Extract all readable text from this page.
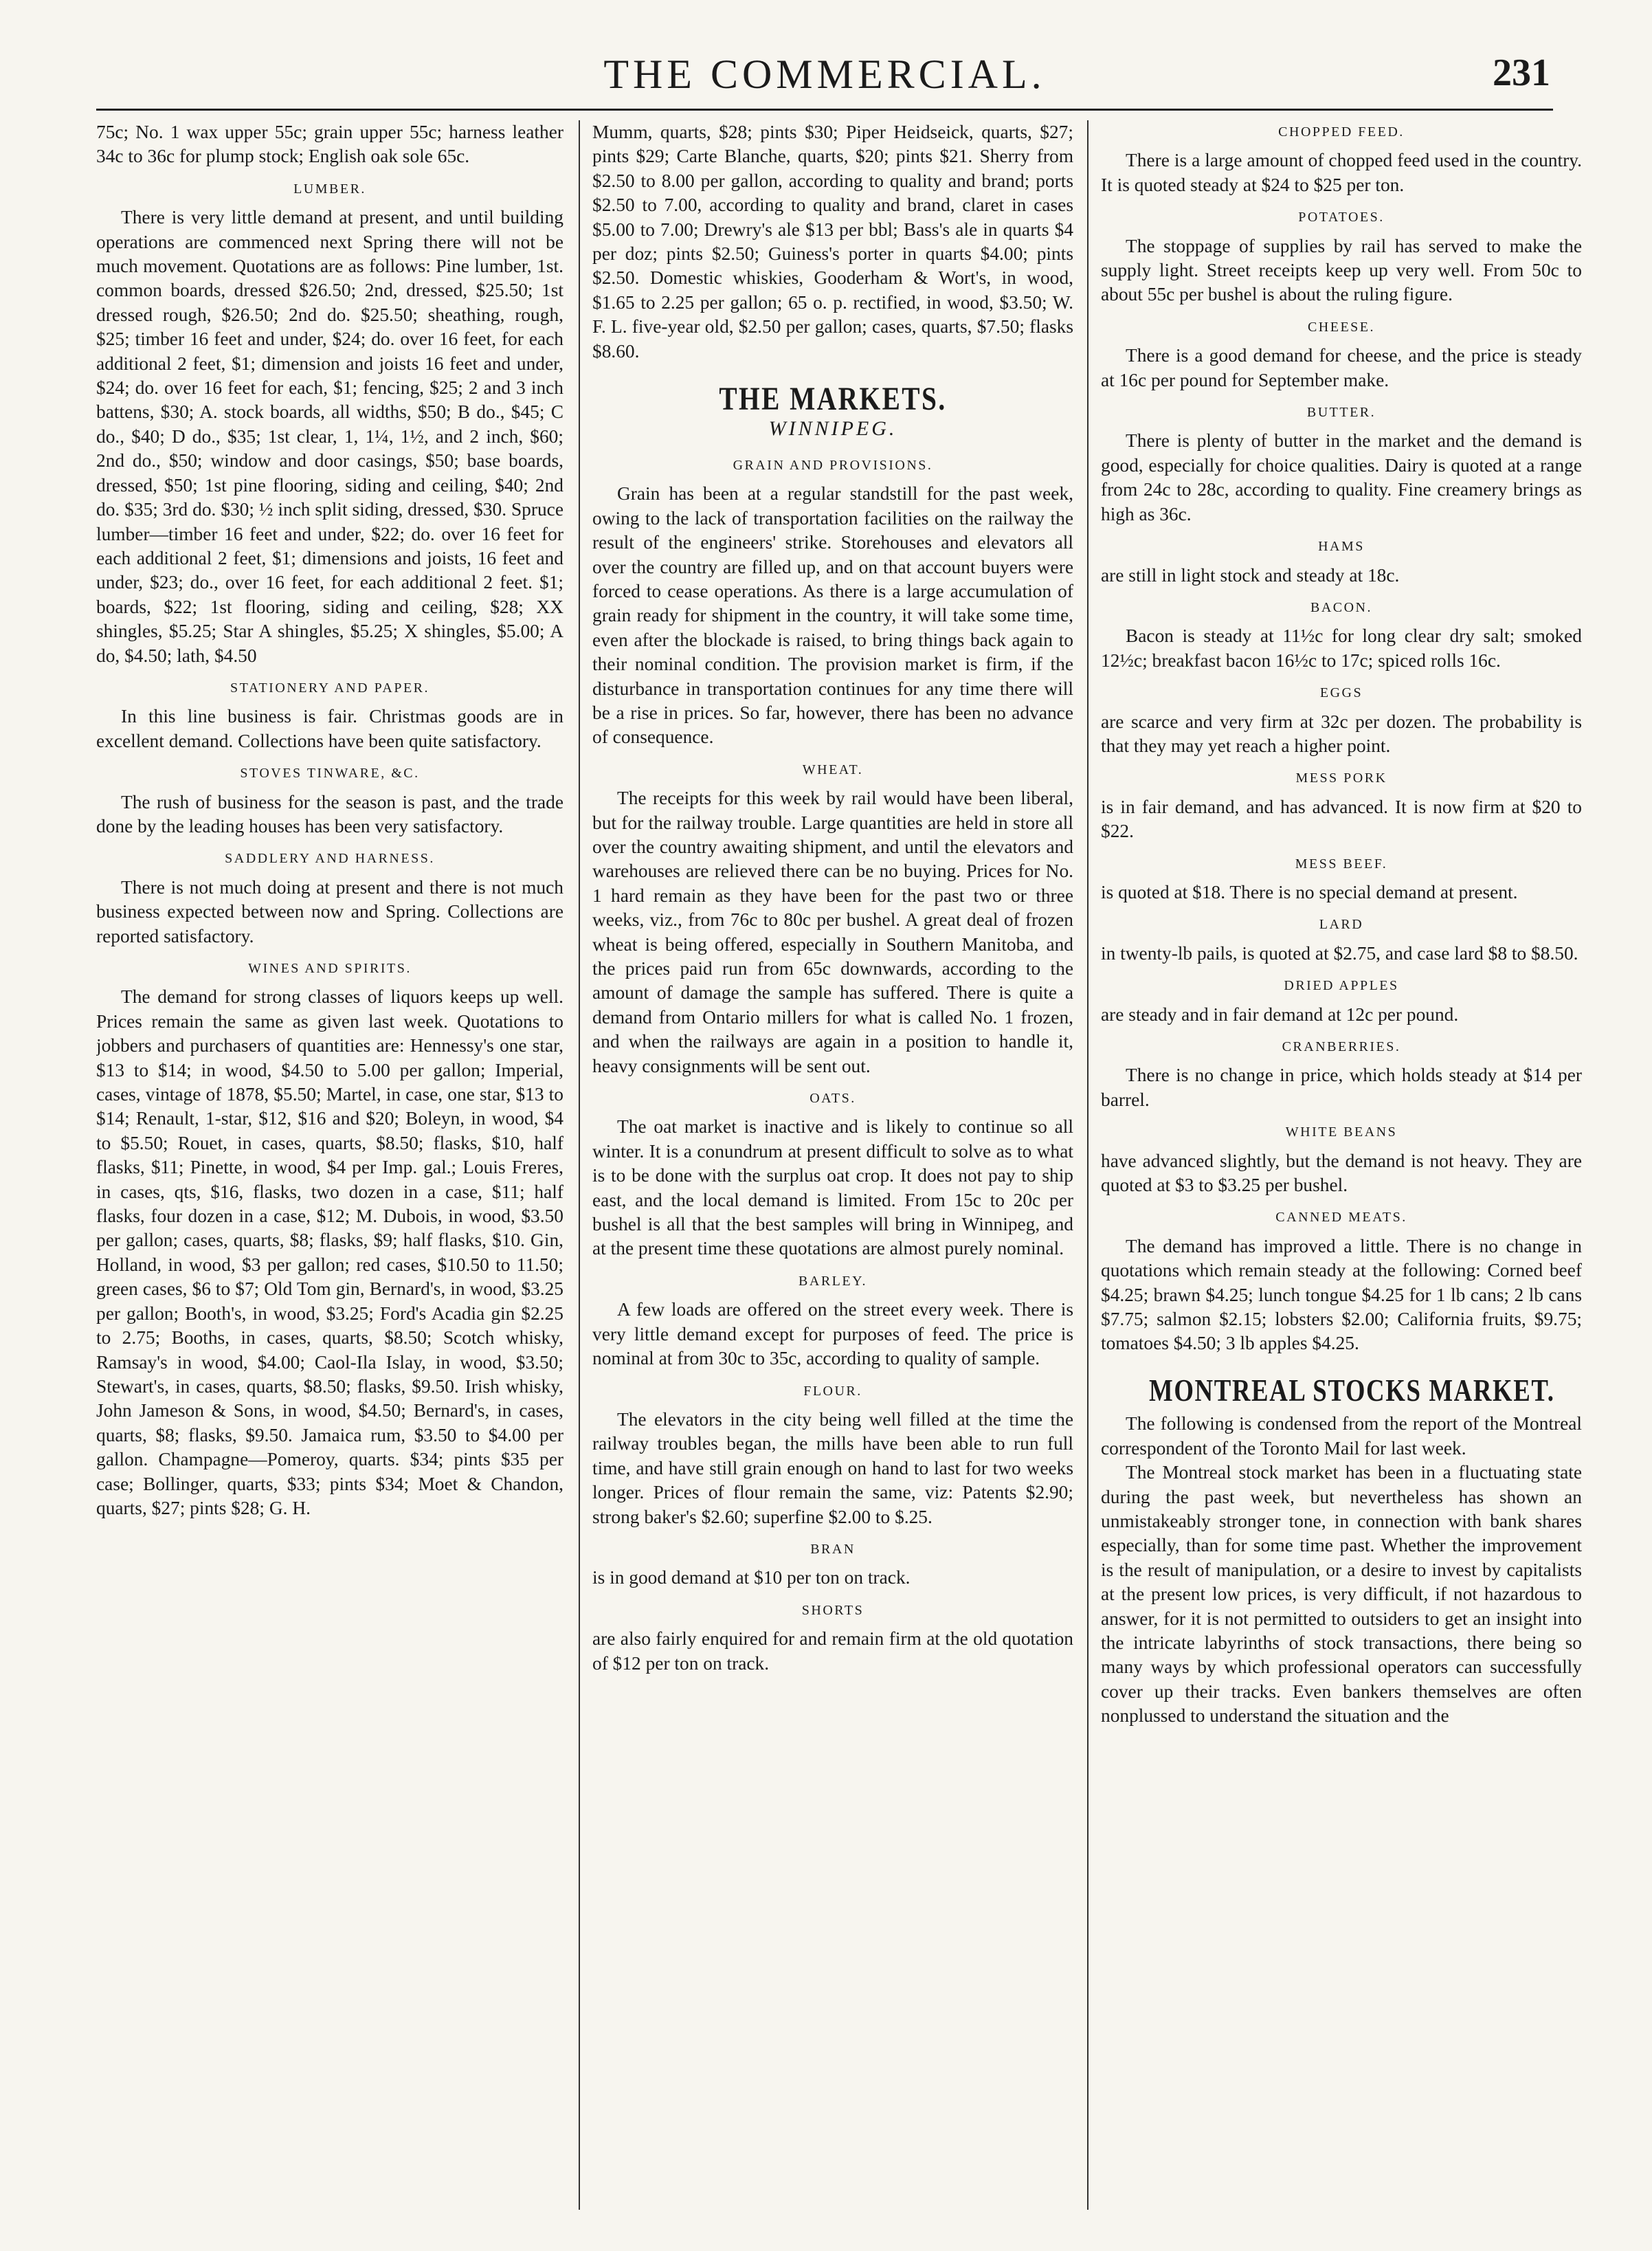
THE COMMERCIAL.	231

75c; No. 1 wax upper 55c; grain upper 55c; harness leather 34c to 36c for plump stock; English oak sole 65c.

LUMBER.

There is very little demand at present, and until building operations are commenced next Spring there will not be much movement. Quotations are as follows: Pine lumber, 1st. common boards, dressed $26.50; 2nd, dressed, $25.50; 1st dressed rough, $26.50; 2nd do. $25.50; sheathing, rough, $25; timber 16 feet and under, $24; do. over 16 feet, for each additional 2 feet, $1; dimension and joists 16 feet and under, $24; do. over 16 feet for each, $1; fencing, $25; 2 and 3 inch battens, $30; A. stock boards, all widths, $50; B do., $45; C do., $40; D do., $35; 1st clear, 1, 1¼, 1½, and 2 inch, $60; 2nd do., $50; window and door casings, $50; base boards, dressed, $50; 1st pine flooring, siding and ceiling, $40; 2nd do. $35; 3rd do. $30; ½ inch split siding, dressed, $30. Spruce lumber—timber 16 feet and under, $22; do. over 16 feet for each additional 2 feet, $1; dimensions and joists, 16 feet and under, $23; do., over 16 feet, for each additional 2 feet. $1; boards, $22; 1st flooring, siding and ceiling, $28; XX shingles, $5.25; Star A shingles, $5.25; X shingles, $5.00; A do, $4.50; lath, $4.50

STATIONERY AND PAPER.

In this line business is fair. Christmas goods are in excellent demand. Collections have been quite satisfactory.

STOVES TINWARE, &C.

The rush of business for the season is past, and the trade done by the leading houses has been very satisfactory.

SADDLERY AND HARNESS.

There is not much doing at present and there is not much business expected between now and Spring. Collections are reported satisfactory.

WINES AND SPIRITS.

The demand for strong classes of liquors keeps up well. Prices remain the same as given last week. Quotations to jobbers and purchasers of quantities are: Hennessy's one star, $13 to $14; in wood, $4.50 to 5.00 per gallon; Imperial, cases, vintage of 1878, $5.50; Martel, in case, one star, $13 to $14; Renault, 1-star, $12, $16 and $20; Boleyn, in wood, $4 to $5.50; Rouet, in cases, quarts, $8.50; flasks, $10, half flasks, $11; Pinette, in wood, $4 per Imp. gal.; Louis Freres, in cases, qts, $16, flasks, two dozen in a case, $11; half flasks, four dozen in a case, $12; M. Dubois, in wood, $3.50 per gallon; cases, quarts, $8; flasks, $9; half flasks, $10. Gin, Holland, in wood, $3 per gallon; red cases, $10.50 to 11.50; green cases, $6 to $7; Old Tom gin, Bernard's, in wood, $3.25 per gallon; Booth's, in wood, $3.25; Ford's Acadia gin $2.25 to 2.75; Booths, in cases, quarts, $8.50; Scotch whisky, Ramsay's in wood, $4.00; Caol-Ila Islay, in wood, $3.50; Stewart's, in cases, quarts, $8.50; flasks, $9.50. Irish whisky, John Jameson & Sons, in wood, $4.50; Bernard's, in cases, quarts, $8; flasks, $9.50. Jamaica rum, $3.50 to $4.00 per gallon. Champagne—Pomeroy, quarts. $34; pints $35 per case; Bollinger, quarts, $33; pints $34; Moet & Chandon, quarts, $27; pints $28; G. H.

Mumm, quarts, $28; pints $30; Piper Heidseick, quarts, $27; pints $29; Carte Blanche, quarts, $20; pints $21. Sherry from $2.50 to 8.00 per gallon, according to quality and brand; ports $2.50 to 7.00, according to quality and brand, claret in cases $5.00 to 7.00; Drewry's ale $13 per bbl; Bass's ale in quarts $4 per doz; pints $2.50; Guiness's porter in quarts $4.00; pints $2.50. Domestic whiskies, Gooderham & Wort's, in wood, $1.65 to 2.25 per gallon; 65 o. p. rectified, in wood, $3.50; W. F. L. five-year old, $2.50 per gallon; cases, quarts, $7.50; flasks $8.60.

THE MARKETS.
WINNIPEG.
GRAIN AND PROVISIONS.

Grain has been at a regular standstill for the past week, owing to the lack of transportation facilities on the railway the result of the engineers' strike. Storehouses and elevators all over the country are filled up, and on that account buyers were forced to cease operations. As there is a large accumulation of grain ready for shipment in the country, it will take some time, even after the blockade is raised, to bring things back again to their nominal condition. The provision market is firm, if the disturbance in transportation continues for any time there will be a rise in prices. So far, however, there has been no advance of consequence.

WHEAT.

The receipts for this week by rail would have been liberal, but for the railway trouble. Large quantities are held in store all over the country awaiting shipment, and until the elevators and warehouses are relieved there can be no buying. Prices for No. 1 hard remain as they have been for the past two or three weeks, viz., from 76c to 80c per bushel. A great deal of frozen wheat is being offered, especially in Southern Manitoba, and the prices paid run from 65c downwards, according to the amount of damage the sample has suffered. There is quite a demand from Ontario millers for what is called No. 1 frozen, and when the railways are again in a position to handle it, heavy consignments will be sent out.

OATS.

The oat market is inactive and is likely to continue so all winter. It is a conundrum at present difficult to solve as to what is to be done with the surplus oat crop. It does not pay to ship east, and the local demand is limited. From 15c to 20c per bushel is all that the best samples will bring in Winnipeg, and at the present time these quotations are almost purely nominal.

BARLEY.

A few loads are offered on the street every week. There is very little demand except for purposes of feed. The price is nominal at from 30c to 35c, according to quality of sample.

FLOUR.

The elevators in the city being well filled at the time the railway troubles began, the mills have been able to run full time, and have still grain enough on hand to last for two weeks longer. Prices of flour remain the same, viz: Patents $2.90; strong baker's $2.60; superfine $2.00 to $.25.

BRAN

is in good demand at $10 per ton on track.

SHORTS

are also fairly enquired for and remain firm at the old quotation of $12 per ton on track.

CHOPPED FEED.

There is a large amount of chopped feed used in the country. It is quoted steady at $24 to $25 per ton.

POTATOES.

The stoppage of supplies by rail has served to make the supply light. Street receipts keep up very well. From 50c to about 55c per bushel is about the ruling figure.

CHEESE.

There is a good demand for cheese, and the price is steady at 16c per pound for September make.

BUTTER.

There is plenty of butter in the market and the demand is good, especially for choice qualities. Dairy is quoted at a range from 24c to 28c, according to quality. Fine creamery brings as high as 36c.

HAMS

are still in light stock and steady at 18c.

BACON.

Bacon is steady at 11½c for long clear dry salt; smoked 12½c; breakfast bacon 16½c to 17c; spiced rolls 16c.

EGGS

are scarce and very firm at 32c per dozen. The probability is that they may yet reach a higher point.

MESS PORK

is in fair demand, and has advanced. It is now firm at $20 to $22.

MESS BEEF.

is quoted at $18. There is no special demand at present.

LARD

in twenty-lb pails, is quoted at $2.75, and case lard $8 to $8.50.

DRIED APPLES

are steady and in fair demand at 12c per pound.

CRANBERRIES.

There is no change in price, which holds steady at $14 per barrel.

WHITE BEANS

have advanced slightly, but the demand is not heavy. They are quoted at $3 to $3.25 per bushel.

CANNED MEATS.

The demand has improved a little. There is no change in quotations which remain steady at the following: Corned beef $4.25; brawn $4.25; lunch tongue $4.25 for 1 lb cans; 2 lb cans $7.75; salmon $2.15; lobsters $2.00; California fruits, $9.75; tomatoes $4.50; 3 lb apples $4.25.

MONTREAL STOCKS MARKET.

The following is condensed from the report of the Montreal correspondent of the Toronto Mail for last week.

The Montreal stock market has been in a fluctuating state during the past week, but nevertheless has shown an unmistakeably stronger tone, in connection with bank shares especially, than for some time past. Whether the improvement is the result of manipulation, or a desire to invest by capitalists at the present low prices, is very difficult, if not hazardous to answer, for it is not permitted to outsiders to get an insight into the intricate labyrinths of stock transactions, there being so many ways by which professional operators can successfully cover up their tracks. Even bankers themselves are often nonplussed to understand the situation and the
